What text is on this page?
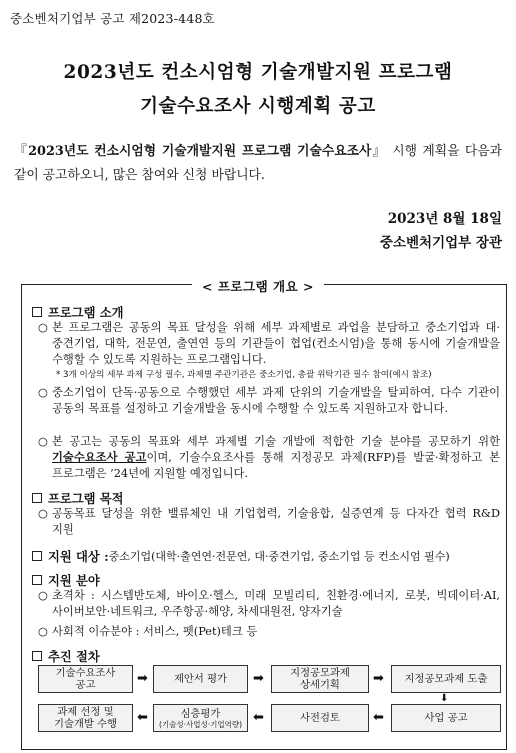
중소벤처기업부 공고 제2023-448호
2023년도 컨소시엄형 기술개발지원 프로그램
기술수요조사 시행계획 공고
『2023년도 컨소시엄형 기술개발지원 프로그램 기술수요조사』 시행 계획을 다음과 같이 공고하오니, 많은 참여와 신청 바랍니다.
2023년 8월 18일
중소벤처기업부 장관
< 프로그램 개요 >
프로그램 소개
○ 본 프로그램은 공동의 목표 달성을 위해 세부 과제별로 과업을 분담하고 중소기업과 대·중견기업, 대학, 전문연, 출연연 등의 기관들이 협업(컨소시엄)을 통해 동시에 기술개발을 수행할 수 있도록 지원하는 프로그램입니다.
* 3개 이상의 세부 과제 구성 필수, 과제별 주관기관은 중소기업, 총괄 위탁기관 필수 참여(예시 참조)
○ 중소기업이 단독·공동으로 수행했던 세부 과제 단위의 기술개발을 탈피하여, 다수 기관이 공동의 목표를 설정하고 기술개발을 동시에 수행할 수 있도록 지원하고자 합니다.
○ 본 공고는 공동의 목표와 세부 과제별 기술 개발에 적합한 기술 분야를 공모하기 위한 기술수요조사 공고이며, 기술수요조사를 통해 지정공모 과제(RFP)를 발굴·확정하고 본 프로그램은 ’24년에 지원할 예정입니다.
프로그램 목적
○ 공동목표 달성을 위한 밸류체인 내 기업협력, 기술융합, 실증연계 등 다자간 협력 R&D 지원
지원 대상 : 중소기업(대학·출연연·전문연, 대·중견기업, 중소기업 등 컨소시엄 필수)
지원 분야
○ 초격차 : 시스템반도체, 바이오·헬스, 미래 모빌리티, 친환경·에너지, 로봇, 빅데이터·AI, 사이버보안·네트워크, 우주항공·해양, 차세대원전, 양자기술
○ 사회적 이슈분야 : 서비스, 펫(Pet)테크 등
추진 절차
기술수요조사
공고	➡	제안서 평가	➡	지정공모과제
상세기획	➡	지정공모과제 도출
⬇
과제 선정 및
기술개발 수행	⬅	심층평가
(기술성·사업성·기업역량) ⬅	사전검토	⬅	사업 공고
